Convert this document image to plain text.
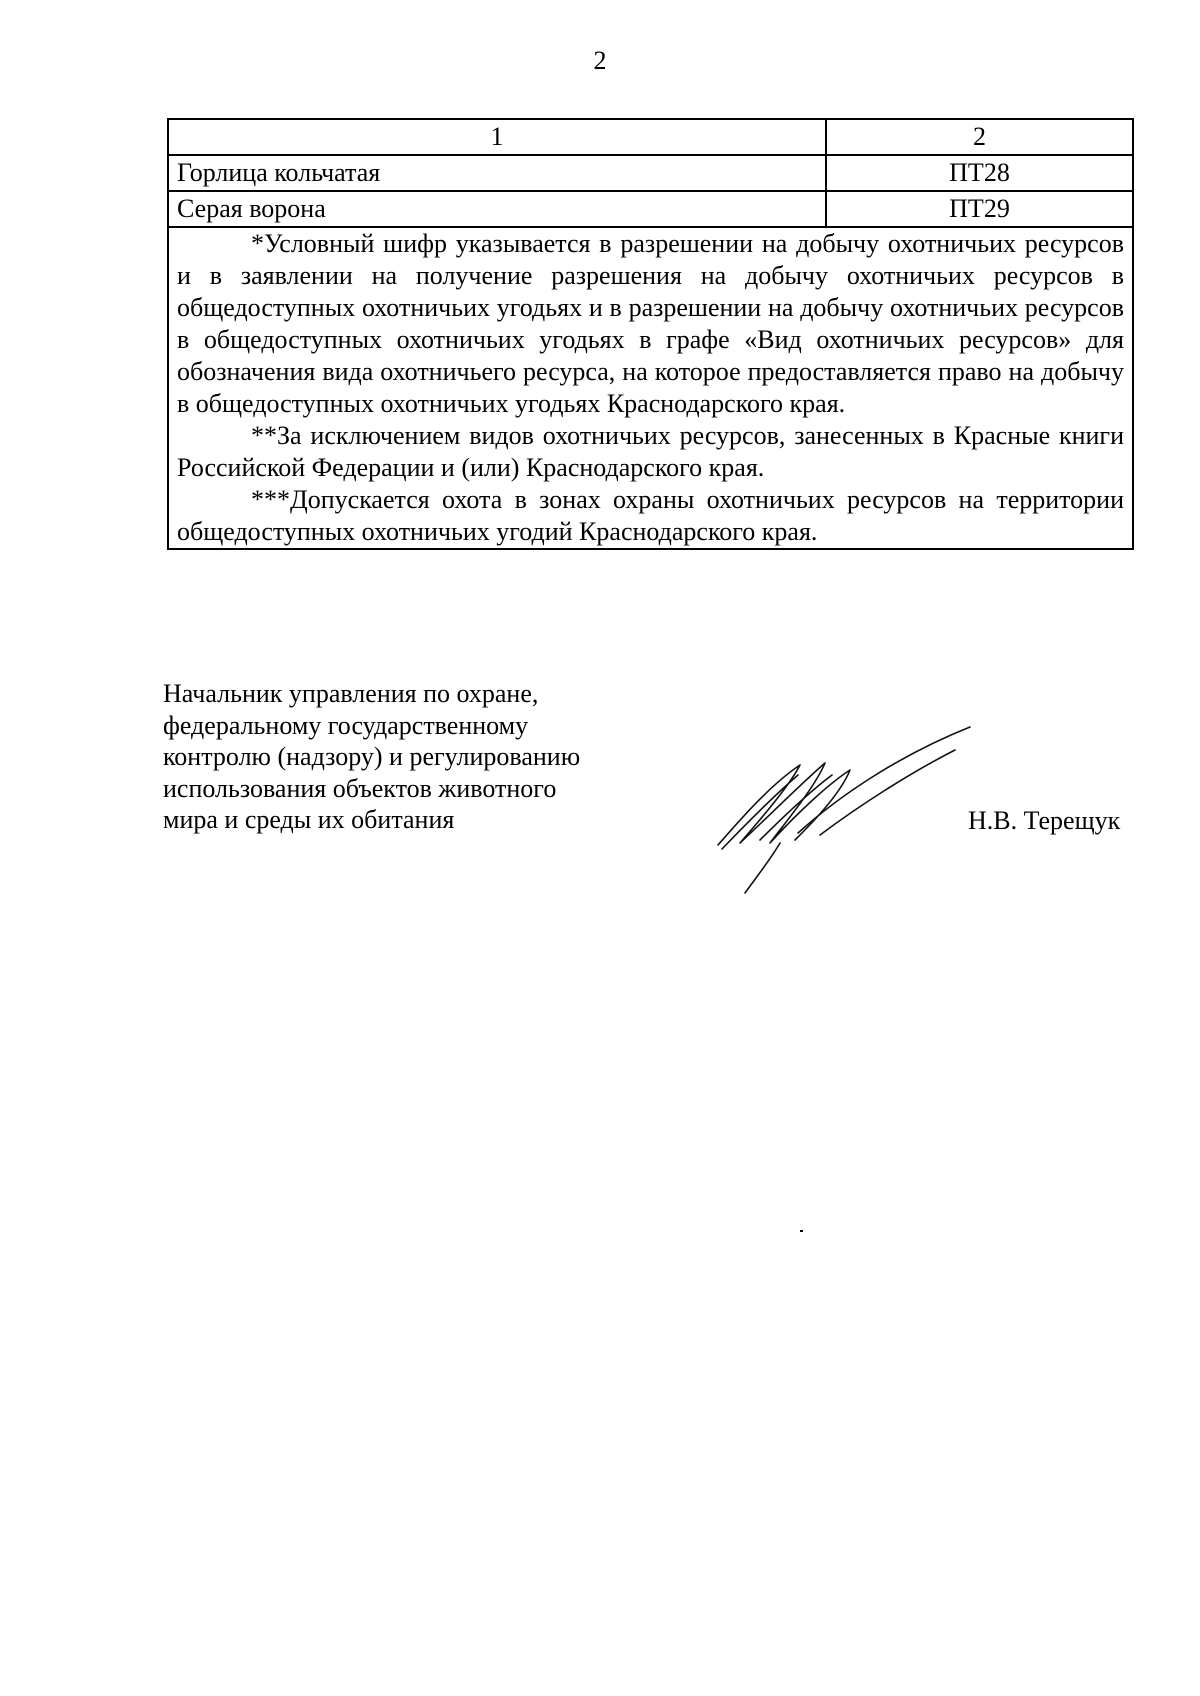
2
1	2
Горлица кольчатая	ПТ28
Серая ворона	ПТ29

*Условный шифр указывается в разрешении на добычу охотничьих ресурсов и в заявлении на получение разрешения на добычу охотничьих ресурсов в общедоступных охотничьих угодьях и в разрешении на добычу охотничьих ресурсов в общедоступных охотничьих угодьях в графе «Вид охотничьих ресурсов» для обозначения вида охотничьего ресурса, на которое предоставляется право на добычу в общедоступных охотничьих угодьях Краснодарского края.

**За исключением видов охотничьих ресурсов, занесенных в Красные книги Российской Федерации и (или) Краснодарского края.

***Допускается охота в зонах охраны охотничьих ресурсов на территории общедоступных охотничьих угодий Краснодарского края.	

Начальник управления по охране,
федеральному государственному
контролю (надзору) и регулированию
использования объектов животного
мира и среды их обитания	Н.В. Терещук
